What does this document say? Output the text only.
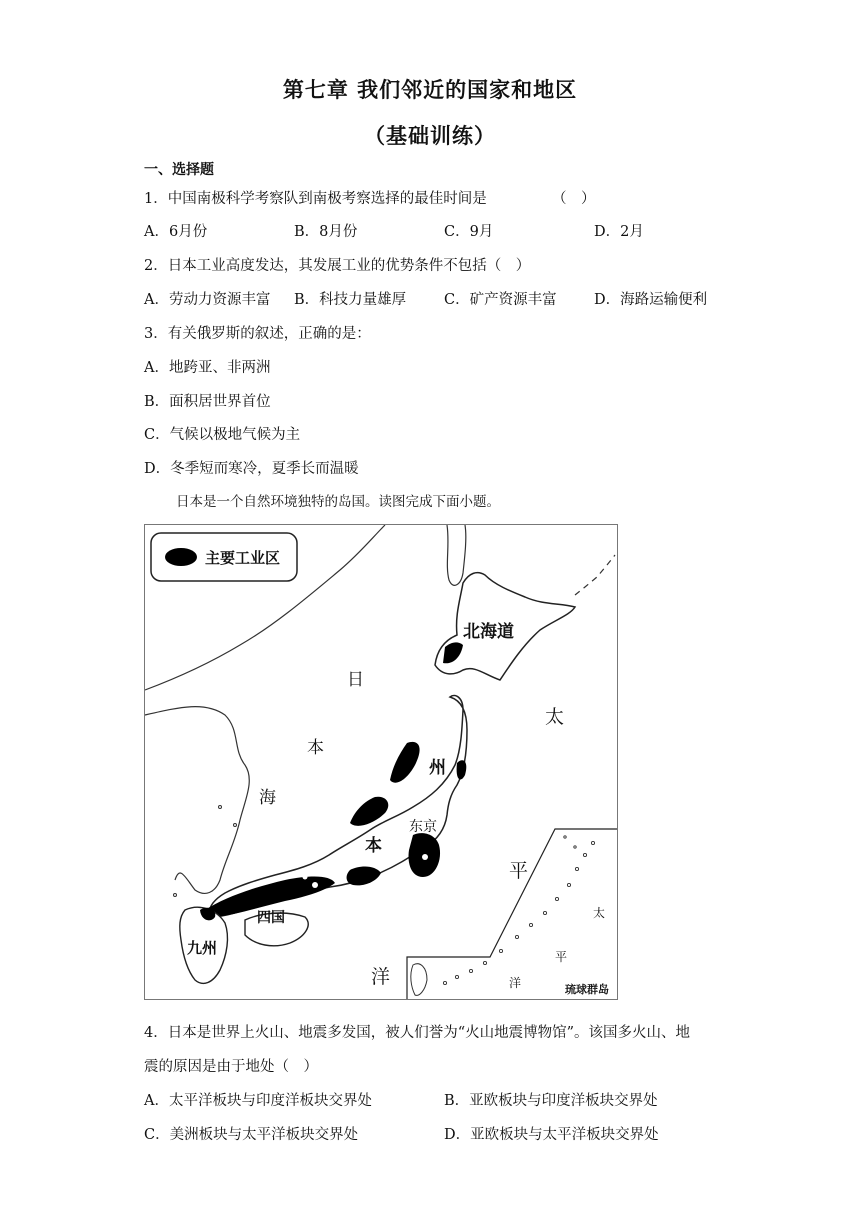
第七章 我们邻近的国家和地区
（基础训练）
一、选择题
1．中国南极科学考察队到南极考察选择的最佳时间是　　　　　（　）
A．6月份	B．8月份	C．9月	D．2月
2．日本工业高度发达，其发展工业的优势条件不包括（　）
A．劳动力资源丰富 B．科技力量雄厚	C．矿产资源丰富	D．海路运输便利
3．有关俄罗斯的叙述，正确的是：
A．地跨亚、非两洲
B．面积居世界首位
C．气候以极地气候为主
D．冬季短而寒冷，夏季长而温暖
日本是一个自然环境独特的岛国。读图完成下面小题。
主要工业区
北海道
日
本
海
太
平
洋
州
本
东京
四国
九州
太
平
洋	琉球群岛
4．日本是世界上火山、地震多发国，被人们誉为“火山地震博物馆”。该国多火山、地
震的原因是由于地处（　）
A．太平洋板块与印度洋板块交界处	B．亚欧板块与印度洋板块交界处
C．美洲板块与太平洋板块交界处	D．亚欧板块与太平洋板块交界处
